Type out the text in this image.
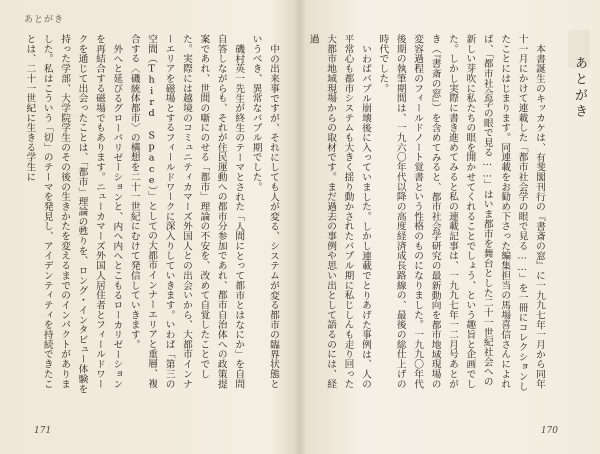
あとがき

中の出来事ですが、それにしても人が変る、システムが変る都市の臨界状態というべき、異常なバブル期でした。

磯村英一先生が終生のテーマとされた「人間にとって都市とはなにか」を自問自答しながらも、それが住民運動への都市分参加であれ、都市自治体への政策提案であれ、世間の噺にのせる「都市」理論の不安を、改めて自覚したことでした。実際には越境のコミュニティカマーズ外国人との出会いから、大都市インナーエリアを磁場とするフィールドワークに深入りしていきます。いわば「第三の空間（Third Space）」としての大都市インナーエリアと重層、複合する〈磯統体都市〉の構想を二十一世紀にむけて発信していきます。

外へと延びるグローバリゼーションと、内へ内へとこもるローカリゼーションを再結合する磁場でもあります。ニューカマーズ外国人居住者とフィールドワークを通じて出会ったことは、「都市」理論の甦りを、ロング・インタビュー体験を持った学部、大学院学生のその後の生きかたを変えるまでのインパクトがありました。私はこういう「切」のテーマを発見し、アイデンティティを持続できたことは、二十一世紀に生きる学生に

171
あとがき

本書誕生のキッカケは、有斐閣刊行の『書斎の窓』に一九九七年一月から同年十一月にかけて連載した「都市社会学の眼で見る……」を一冊にコレクションしたことにはじまります。同連載をお勧め下さった編集担当の馬場喜信さんによれば、「都市社会学の眼で見る……」はいま都市を舞台とした二十一世紀社会への新しい芽吹に私たちの眼を開かせてくれることでしょう、という趣旨と企画でした。しかし実際に書き進めてみると私の連載記事は、一九九七年一二月号あとがき（『書斎の窓』）を含めてみると、都市社会学研究の最新動向を都市地域現場の変容過程のフィールドノート覚書という性格のものになりました。一九九〇年代後期の執筆期間は、一九六〇年代以降の高度経済成長路線の、最後の総仕上げの時代でした。

いわばバブル崩壊後に入っていました。しかし連載でとりあげた事例は、人の平常心も都市システムも大きく揺り動かされたバブル期に私じしんも走り回った大都市地域現場からの取材です。まだ過去の事例や思い出として語るのには、経過

170
